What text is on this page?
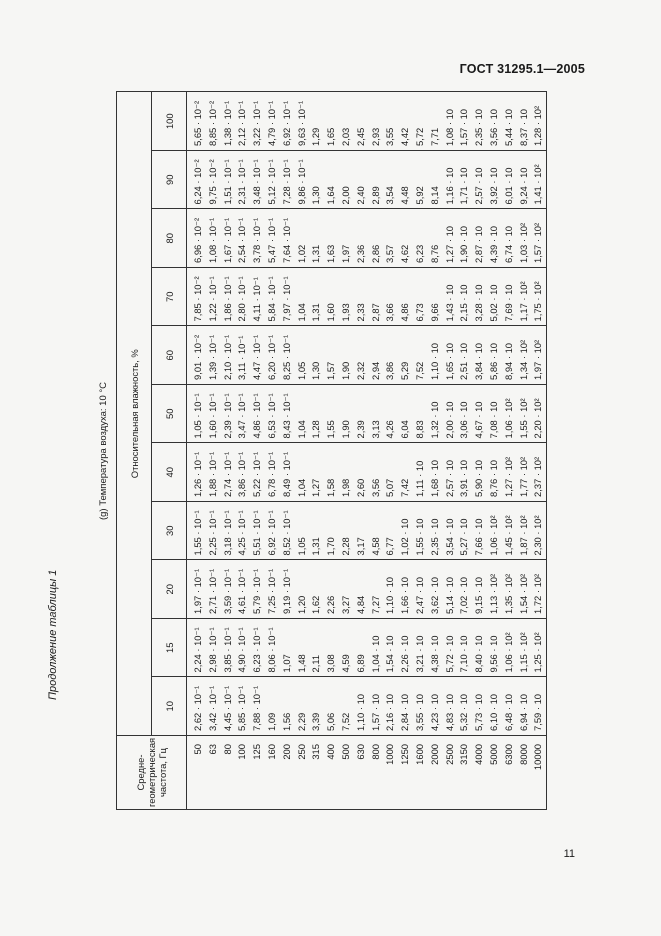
ГОСТ 31295.1—2005
Продолжение таблицы 1
11
(g) Температура воздуха: 10 °С
Средне-геометрическая частота, Гц	Относительная влажность, %										
	10	15	20	30	40	50	60	70	80	90	100
50	2,62 · 10⁻¹	2,24 · 10⁻¹	1,97 · 10⁻¹	1,55 · 10⁻¹	1,26 · 10⁻¹	1,05 · 10⁻¹	9,01 · 10⁻²	7,85 · 10⁻²	6,96 · 10⁻²	6,24 · 10⁻²	5,65 · 10⁻²
63	3,42 · 10⁻¹	2,98 · 10⁻¹	2,71 · 10⁻¹	2,25 · 10⁻¹	1,88 · 10⁻¹	1,60 · 10⁻¹	1,39 · 10⁻¹	1,22 · 10⁻¹	1,08 · 10⁻¹	9,75 · 10⁻²	8,85 · 10⁻²
80	4,45 · 10⁻¹	3,85 · 10⁻¹	3,59 · 10⁻¹	3,18 · 10⁻¹	2,74 · 10⁻¹	2,39 · 10⁻¹	2,10 · 10⁻¹	1,86 · 10⁻¹	1,67 · 10⁻¹	1,51 · 10⁻¹	1,38 · 10⁻¹
100	5,85 · 10⁻¹	4,90 · 10⁻¹	4,61 · 10⁻¹	4,25 · 10⁻¹	3,86 · 10⁻¹	3,47 · 10⁻¹	3,11 · 10⁻¹	2,80 · 10⁻¹	2,54 · 10⁻¹	2,31 · 10⁻¹	2,12 · 10⁻¹
125	7,88 · 10⁻¹	6,23 · 10⁻¹	5,79 · 10⁻¹	5,51 · 10⁻¹	5,22 · 10⁻¹	4,86 · 10⁻¹	4,47 · 10⁻¹	4,11 · 10⁻¹	3,78 · 10⁻¹	3,48 · 10⁻¹	3,22 · 10⁻¹
160	1,09	8,06 · 10⁻¹	7,25 · 10⁻¹	6,92 · 10⁻¹	6,78 · 10⁻¹	6,53 · 10⁻¹	6,20 · 10⁻¹	5,84 · 10⁻¹	5,47 · 10⁻¹	5,12 · 10⁻¹	4,79 · 10⁻¹
200	1,56	1,07	9,19 · 10⁻¹	8,52 · 10⁻¹	8,49 · 10⁻¹	8,43 · 10⁻¹	8,25 · 10⁻¹	7,97 · 10⁻¹	7,64 · 10⁻¹	7,28 · 10⁻¹	6,92 · 10⁻¹
250	2,29	1,48	1,20	1,05	1,04	1,04	1,05	1,04	1,02	9,86 · 10⁻¹	9,63 · 10⁻¹
315	3,39	2,11	1,62	1,31	1,27	1,28	1,30	1,31	1,31	1,30	1,29
400	5,06	3,08	2,26	1,70	1,58	1,55	1,57	1,60	1,63	1,64	1,65
500	7,52	4,59	3,27	2,28	1,98	1,90	1,90	1,93	1,97	2,00	2,03
630	1,10 · 10	6,89	4,84	3,17	2,60	2,39	2,32	2,33	2,36	2,40	2,45
800	1,57 · 10	1,04 · 10	7,27	4,58	3,56	3,13	2,94	2,87	2,86	2,89	2,93
1000	2,16 · 10	1,54 · 10	1,10 · 10	6,77	5,07	4,26	3,86	3,66	3,57	3,54	3,55
1250	2,84 · 10	2,26 · 10	1,66 · 10	1,02 · 10	7,42	6,04	5,29	4,86	4,62	4,48	4,42
1600	3,55 · 10	3,21 · 10	2,47 · 10	1,55 · 10	1,11 · 10	8,83	7,52	6,73	6,23	5,92	5,72
2000	4,23 · 10	4,38 · 10	3,62 · 10	2,35 · 10	1,68 · 10	1,32 · 10	1,10 · 10	9,66	8,76	8,14	7,71
2500	4,83 · 10	5,72 · 10	5,14 · 10	3,54 · 10	2,57 · 10	2,00 · 10	1,65 · 10	1,43 · 10	1,27 · 10	1,16 · 10	1,08 · 10
3150	5,32 · 10	7,10 · 10	7,02 · 10	5,27 · 10	3,91 · 10	3,06 · 10	2,51 · 10	2,15 · 10	1,90 · 10	1,71 · 10	1,57 · 10
4000	5,73 · 10	8,40 · 10	9,15 · 10	7,66 · 10	5,90 · 10	4,67 · 10	3,84 · 10	3,28 · 10	2,87 · 10	2,57 · 10	2,35 · 10
5000	6,10 · 10	9,56 · 10	1,13 · 10²	1,06 · 10²	8,76 · 10	7,08 · 10	5,86 · 10	5,02 · 10	4,39 · 10	3,92 · 10	3,56 · 10
6300	6,48 · 10	1,06 · 10²	1,35 · 10²	1,45 · 10²	1,27 · 10²	1,06 · 10²	8,94 · 10	7,69 · 10	6,74 · 10	6,01 · 10	5,44 · 10
8000	6,94 · 10	1,15 · 10²	1,54 · 10²	1,87 · 10²	1,77 · 10²	1,55 · 10²	1,34 · 10²	1,17 · 10²	1,03 · 10²	9,24 · 10	8,37 · 10
10000	7,59 · 10	1,25 · 10²	1,72 · 10²	2,30 · 10²	2,37 · 10²	2,20 · 10²	1,97 · 10²	1,75 · 10²	1,57 · 10²	1,41 · 10²	1,28 · 10²
